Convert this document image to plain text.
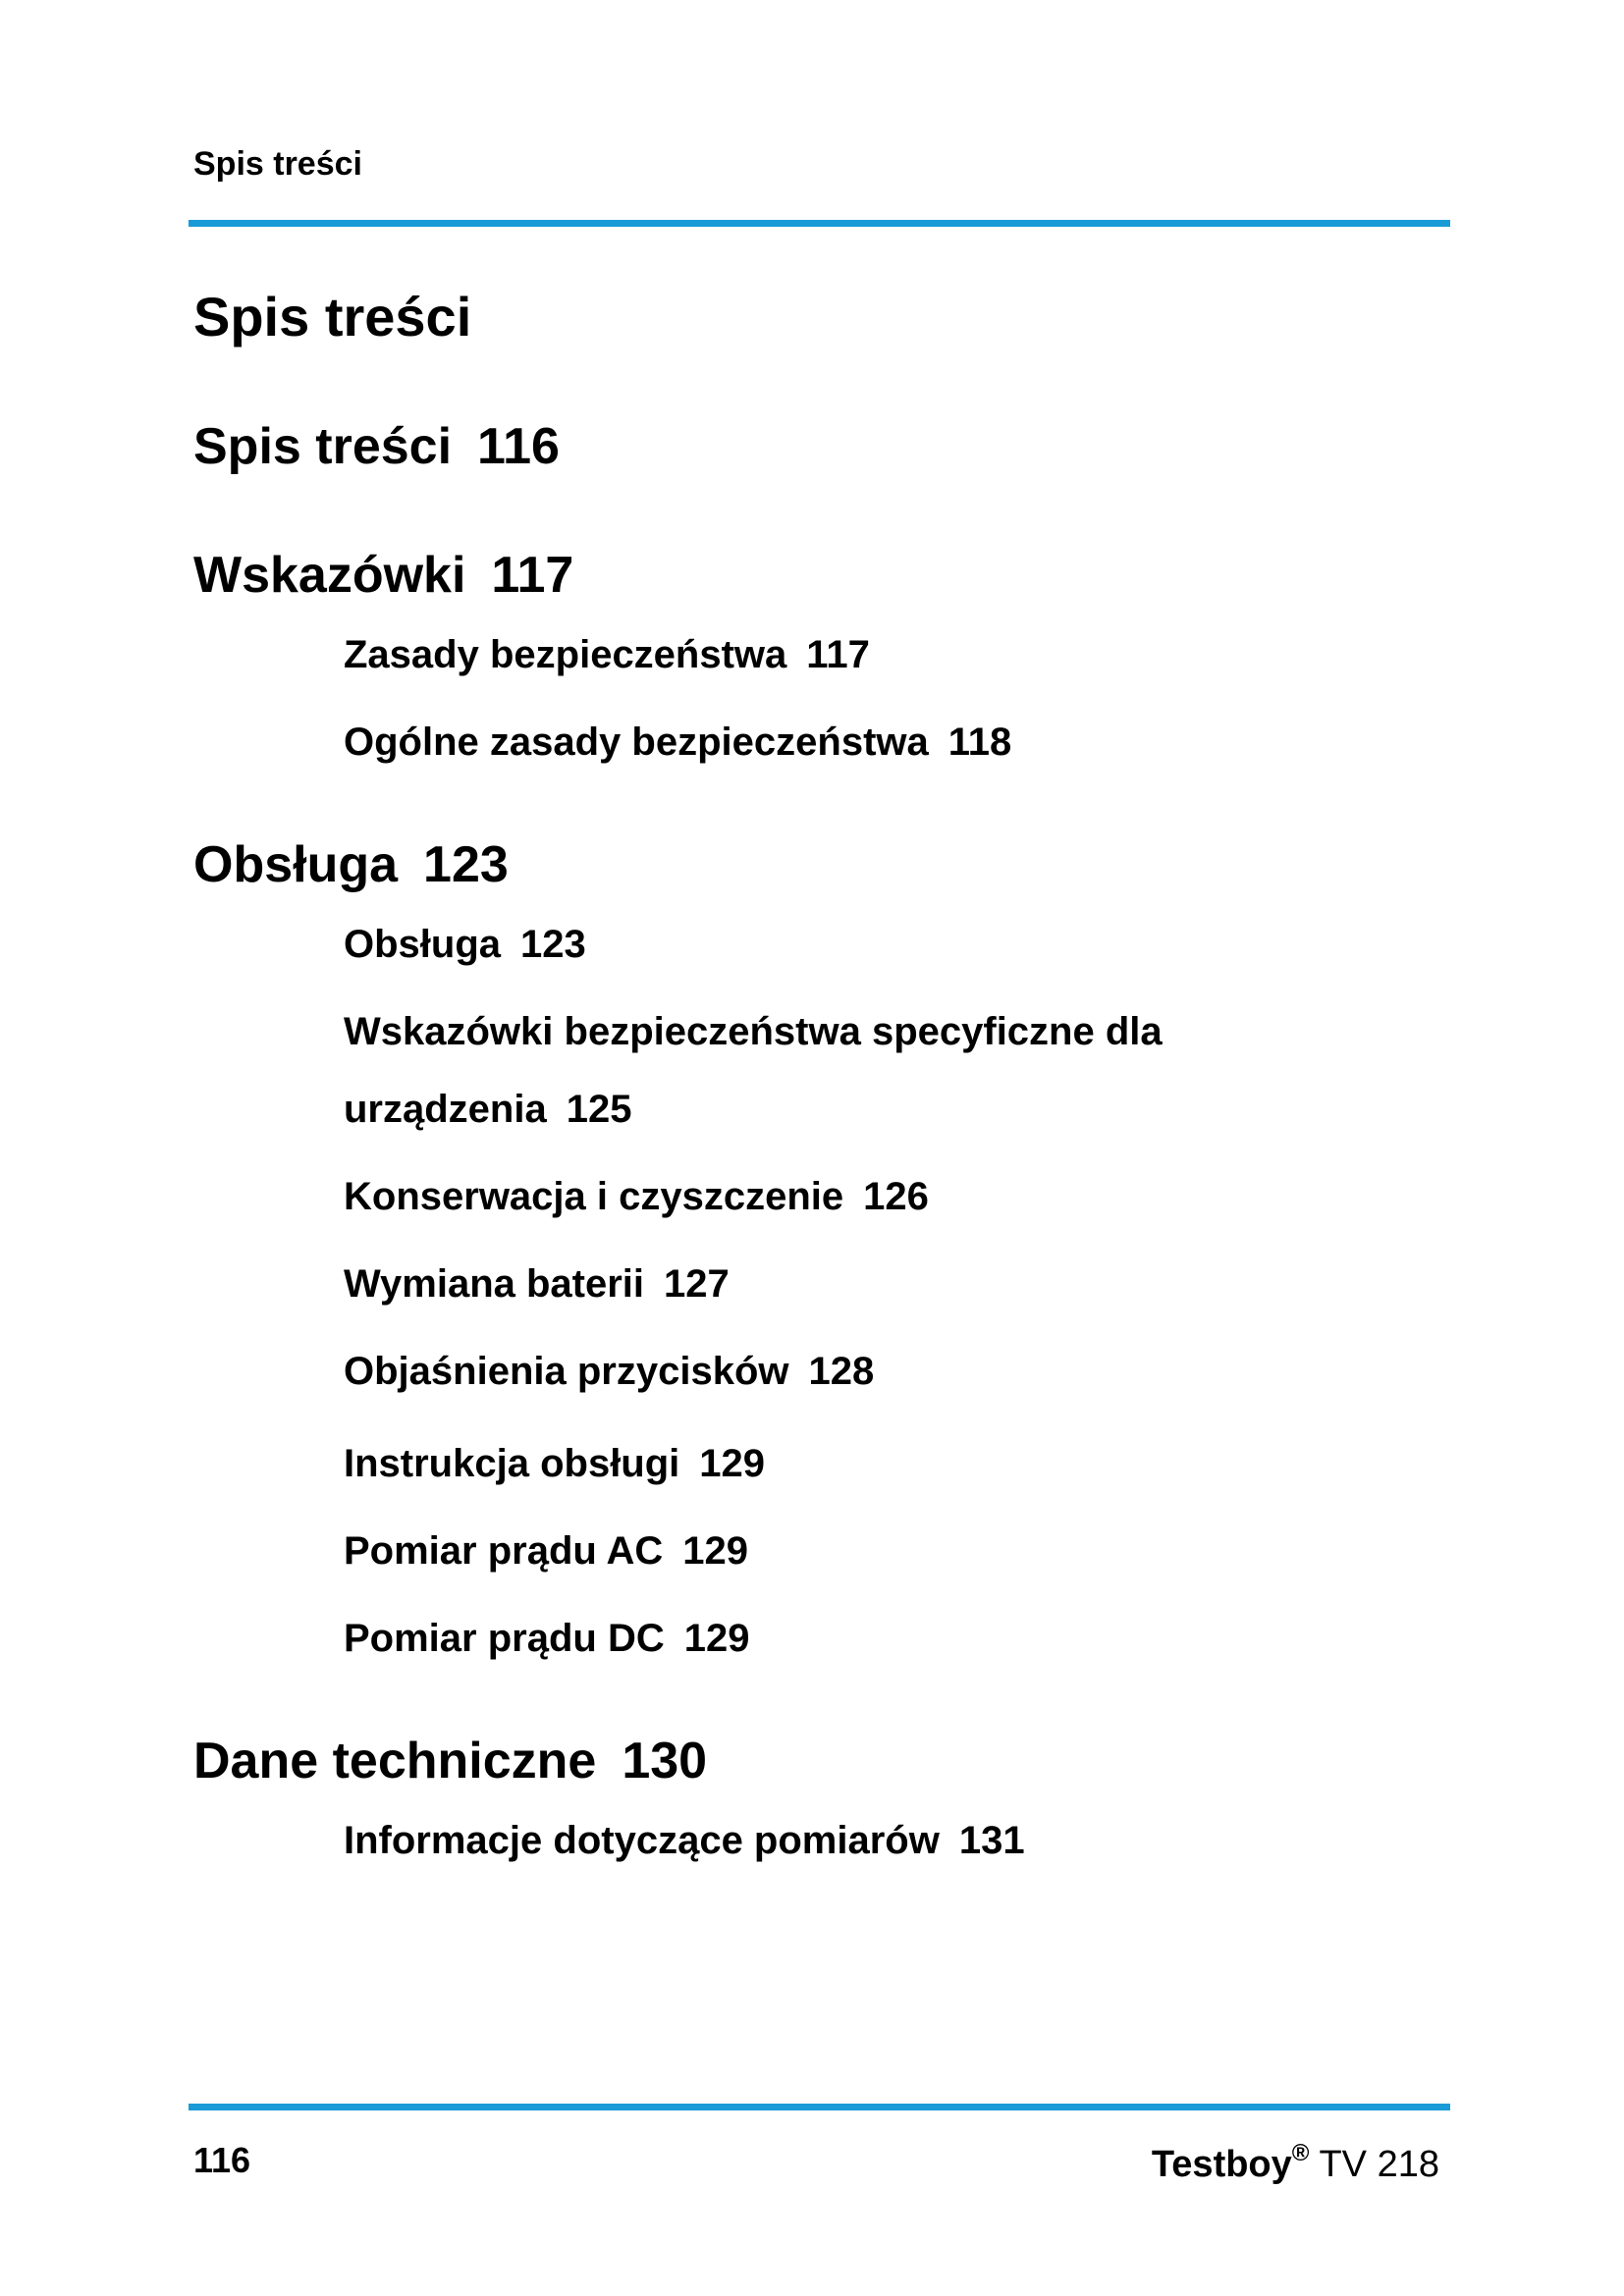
Spis treści
Spis treści
Spis treści 116
Wskazówki 117
Zasady bezpieczeństwa 117
Ogólne zasady bezpieczeństwa 118
Obsługa 123
Obsługa 123
Wskazówki bezpieczeństwa specyficzne dla
urządzenia 125
Konserwacja i czyszczenie 126
Wymiana baterii 127
Objaśnienia przycisków 128
Instrukcja obsługi 129
Pomiar prądu AC 129
Pomiar prądu DC 129
Dane techniczne 130
Informacje dotyczące pomiarów 131
116	Testboy® TV 218
